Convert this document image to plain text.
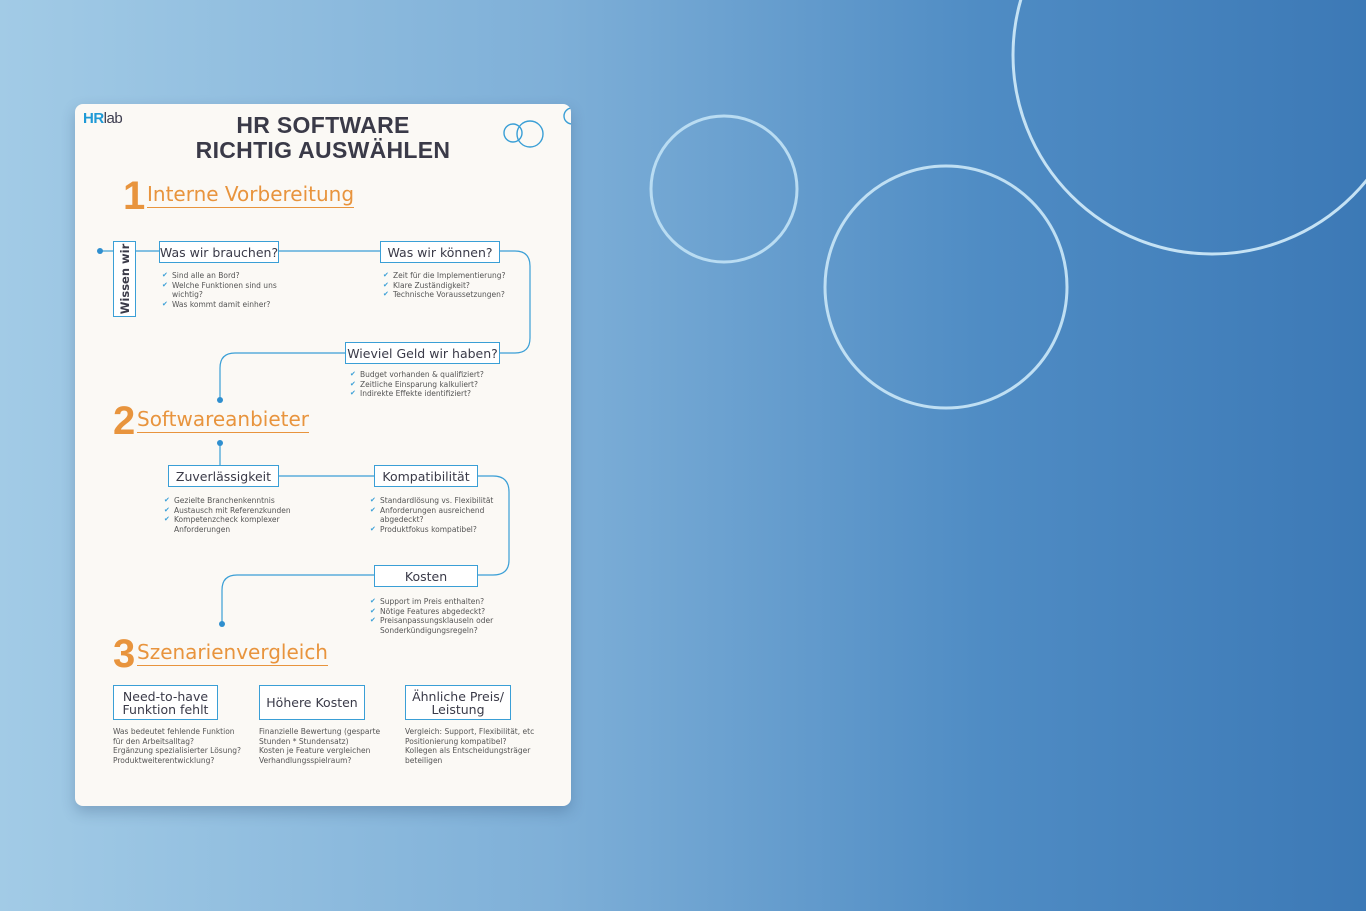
HRlab	HR SOFTWARE
RICHTIG AUSWÄHLEN
1 Interne Vorbereitung
Wissen wir Was wir brauchen?
✔ Sind alle an Bord?
✔ Welche Funktionen sind uns
wichtig?
✔ Was kommt damit einher?
Was wir können?
✔ Zeit für die Implementierung?
✔ Klare Zuständigkeit?
✔ Technische Voraussetzungen?
Wieviel Geld wir haben?
✔ Budget vorhanden & qualifiziert?
✔ Zeitliche Einsparung kalkuliert?
✔ Indirekte Effekte identifiziert?
2 Softwareanbieter
Zuverlässigkeit
✔ Gezielte Branchenkenntnis
✔ Austausch mit Referenzkunden
✔ Kompetenzcheck komplexer
Anforderungen
Kompatibilität
✔ Standardlösung vs. Flexibilität
✔ Anforderungen ausreichend
abgedeckt?
✔ Produktfokus kompatibel?
Kosten
✔ Support im Preis enthalten?
✔ Nötige Features abgedeckt?
✔ Preisanpassungsklauseln oder
Sonderkündigungsregeln?
3 Szenarienvergleich
Need-to-have
Funktion fehlt
Was bedeutet fehlende Funktion
für den Arbeitsalltag?
Ergänzung spezialisierter Lösung?
Produktweiterentwicklung?
Höhere Kosten
Finanzielle Bewertung (gesparte
Stunden * Stundensatz)
Kosten je Feature vergleichen
Verhandlungsspielraum?
Ähnliche Preis/
Leistung
Vergleich: Support, Flexibilität, etc
Positionierung kompatibel?
Kollegen als Entscheidungsträger
beteiligen
